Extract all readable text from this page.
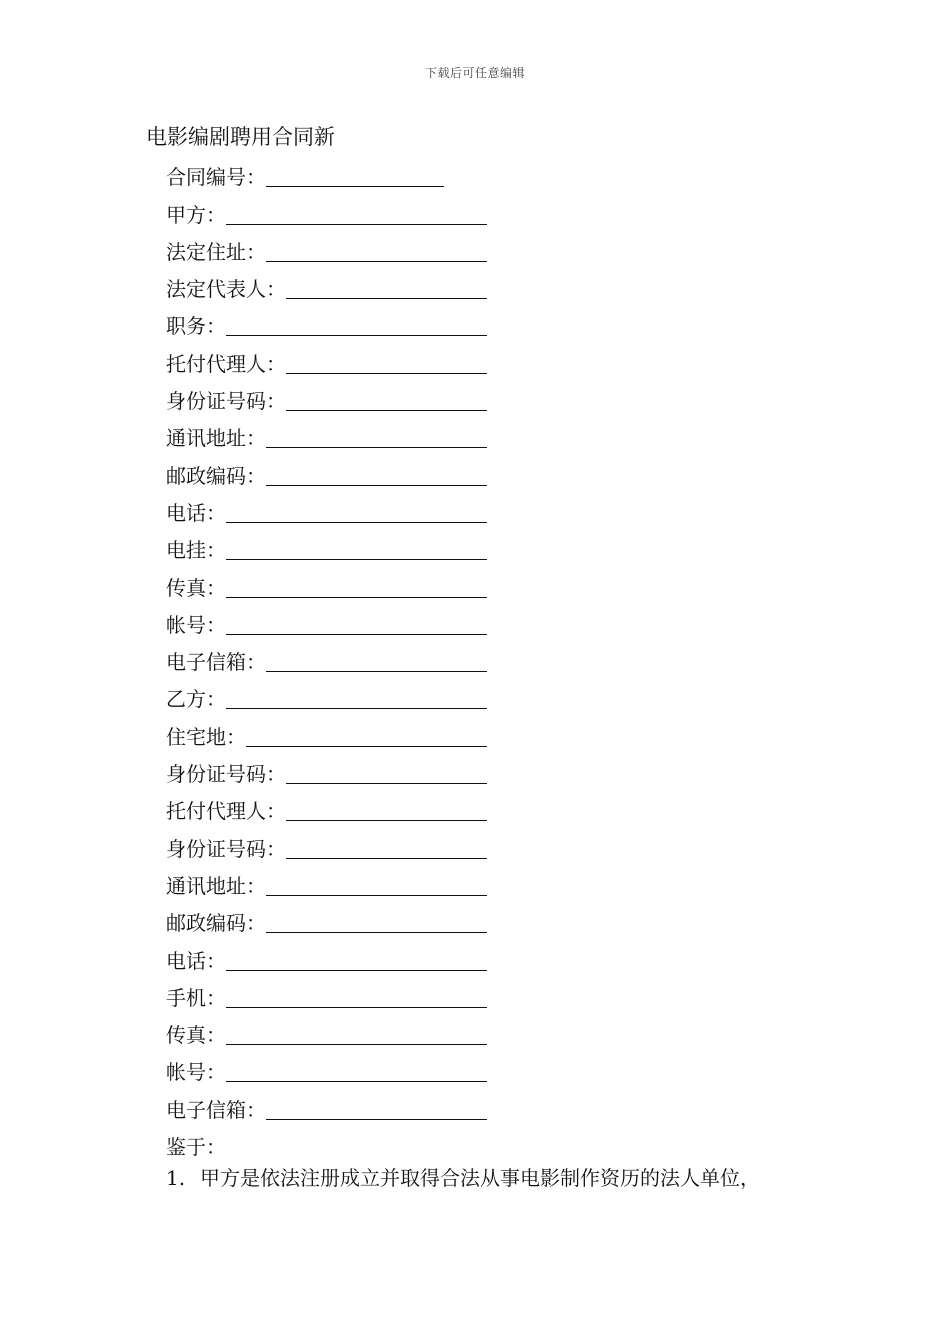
下载后可任意编辑
电影编剧聘用合同新
合同编号：
甲方：
法定住址：
法定代表人：
职务：
托付代理人：
身份证号码：
通讯地址：
邮政编码：
电话：
电挂：
传真：
帐号：
电子信箱：
乙方：
住宅地：
身份证号码：
托付代理人：
身份证号码：
通讯地址：
邮政编码：
电话：
手机：
传真：
帐号：
电子信箱：
鉴于：
1. 甲方是依法注册成立并取得合法从事电影制作资历的法人单位，
